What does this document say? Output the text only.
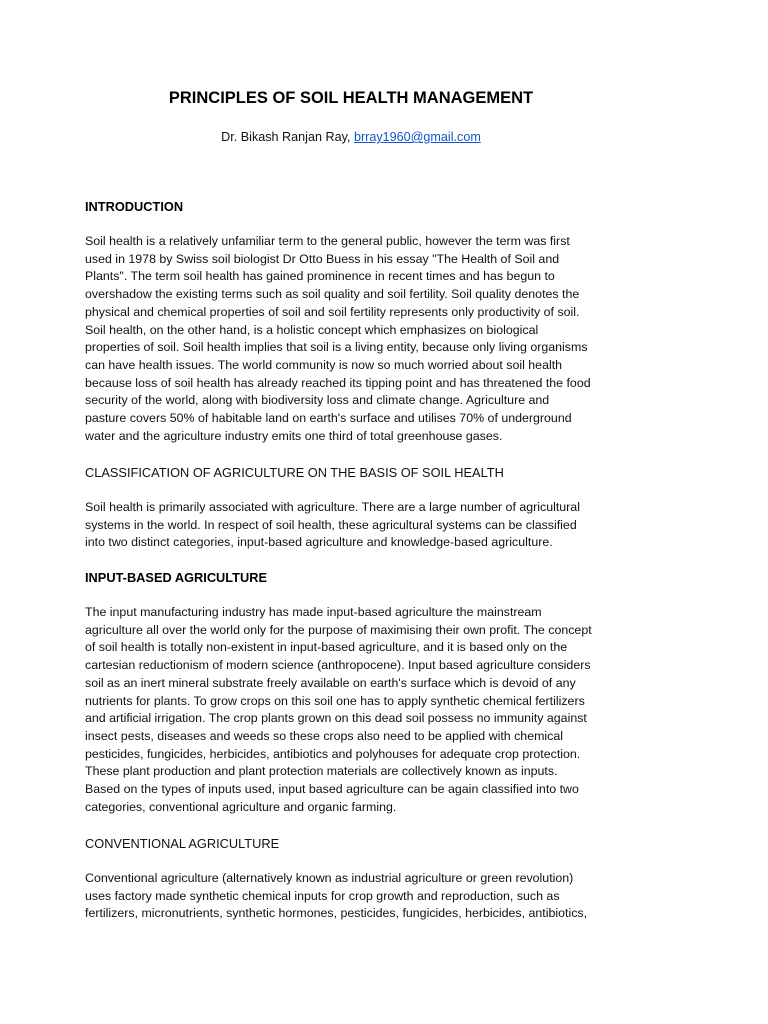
PRINCIPLES OF SOIL HEALTH MANAGEMENT
Dr. Bikash Ranjan Ray, brray1960@gmail.com
INTRODUCTION
Soil health is a relatively unfamiliar term to the general public, however the term was first
used in 1978 by Swiss soil biologist Dr Otto Buess in his essay "The Health of Soil and
Plants". The term soil health has gained prominence in recent times and has begun to
overshadow the existing terms such as soil quality and soil fertility. Soil quality denotes the
physical and chemical properties of soil and soil fertility represents only productivity of soil.
Soil health, on the other hand, is a holistic concept which emphasizes on biological
properties of soil. Soil health implies that soil is a living entity, because only living organisms
can have health issues. The world community is now so much worried about soil health
because loss of soil health has already reached its tipping point and has threatened the food
security of the world, along with biodiversity loss and climate change. Agriculture and
pasture covers 50% of habitable land on earth's surface and utilises 70% of underground
water and the agriculture industry emits one third of total greenhouse gases.
CLASSIFICATION OF AGRICULTURE ON THE BASIS OF SOIL HEALTH
Soil health is primarily associated with agriculture. There are a large number of agricultural
systems in the world. In respect of soil health, these agricultural systems can be classified
into two distinct categories, input-based agriculture and knowledge-based agriculture.
INPUT-BASED AGRICULTURE
The input manufacturing industry has made input-based agriculture the mainstream
agriculture all over the world only for the purpose of maximising their own profit. The concept
of soil health is totally non-existent in input-based agriculture, and it is based only on the
cartesian reductionism of modern science (anthropocene). Input based agriculture considers
soil as an inert mineral substrate freely available on earth's surface which is devoid of any
nutrients for plants. To grow crops on this soil one has to apply synthetic chemical fertilizers
and artificial irrigation. The crop plants grown on this dead soil possess no immunity against
insect pests, diseases and weeds so these crops also need to be applied with chemical
pesticides, fungicides, herbicides, antibiotics and polyhouses for adequate crop protection.
These plant production and plant protection materials are collectively known as inputs.
Based on the types of inputs used, input based agriculture can be again classified into two
categories, conventional agriculture and organic farming.
CONVENTIONAL AGRICULTURE
Conventional agriculture (alternatively known as industrial agriculture or green revolution)
uses factory made synthetic chemical inputs for crop growth and reproduction, such as
fertilizers, micronutrients, synthetic hormones, pesticides, fungicides, herbicides, antibiotics,
